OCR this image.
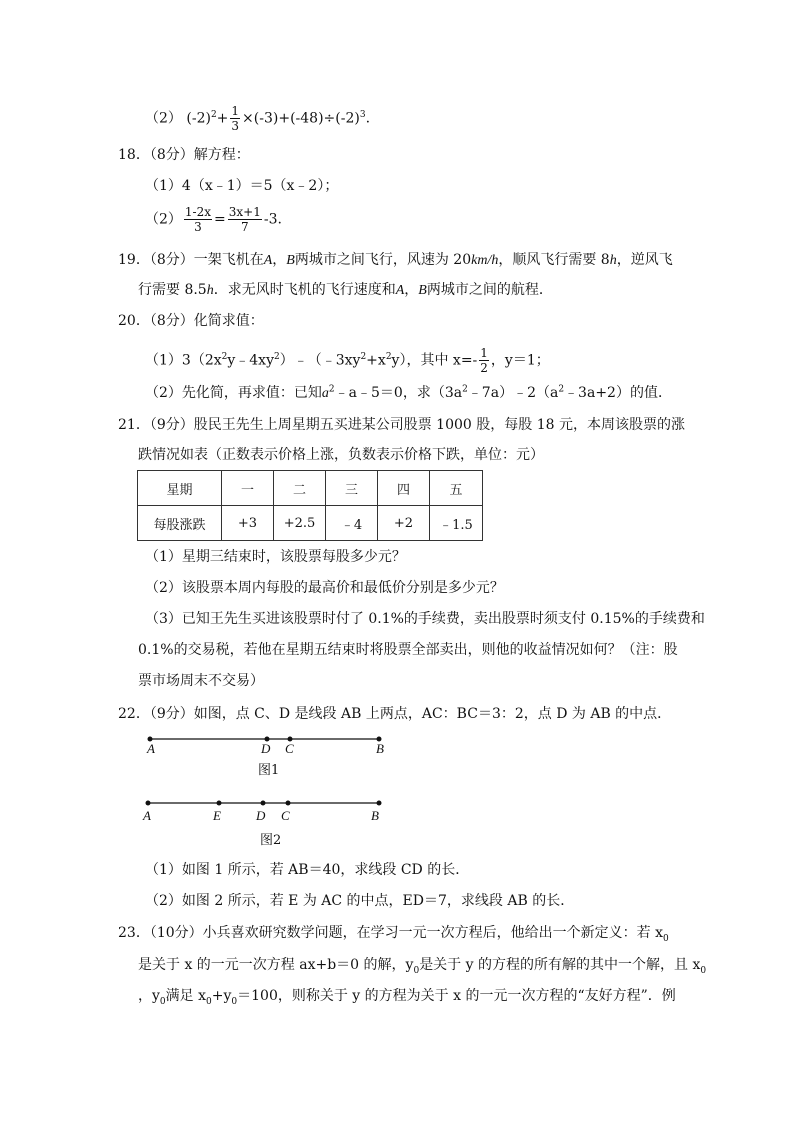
（2） $(-2)^2+ \frac{1}{3} \times(-3)+(-48)\div(-2)^3$.
18．（8分）解方程：
（1）4（x﹣1）＝5（x﹣2）；
$(2) \frac{1-2x}{3} = \frac{3x+1}{7} -3$.
19．（8分）一架飞机在A，B两城市之间飞行，风速为 20km/h，顺风飞行需要 8h，逆风飞
行需要 8.5h．求无风时飞机的飞行速度和A，B两城市之间的航程．
20．（8分）化简求值：
$(1)3(2x^2y﹣4xy^2)﹣(﹣3xy^2+x^2y)$，其中 $x=- \frac{1}{2}$ ，y＝1；
（2）先化简，再求值：已知$a^2﹣a﹣5=0$，求$(3a^2﹣7a)﹣2(a^2﹣3a+2)$的值．
21．（9分）股民王先生上周星期五买进某公司股票 1000 股，每股 18 元，本周该股票的涨
跌情况如表（正数表示价格上涨，负数表示价格下跌，单位：元）
星期	一	二	三	四	五
每股涨跌	+3	+2.5	﹣4	+2	﹣1.5
（1）星期三结束时，该股票每股多少元？
（2）该股票本周内每股的最高价和最低价分别是多少元？
（3）已知王先生买进该股票时付了 0.1%的手续费，卖出股票时须支付 0.15%的手续费和
0.1%的交易税，若他在星期五结束时将股票全部卖出，则他的收益情况如何？（注：股
票市场周末不交易）
22．（9分）如图，点 C、D 是线段 AB 上两点，AC：BC＝3：2，点 D 为 AB 的中点．
A	D C	B
图1
A	E	D C	B
图2
（1）如图 1 所示，若 AB＝40，求线段 CD 的长．
（2）如图 2 所示，若 E 为 AC 的中点，ED＝7，求线段 AB 的长．
23．（10分）小兵喜欢研究数学问题，在学习一元一次方程后，他给出一个新定义：若 $x_0$
是关于 x 的一元一次方程 ax+b＝0 的解，$y_0$是关于 y 的方程的所有解的其中一个解，且 $x_0$
，$y_0$满足 $x_0+y_0=100$，则称关于 y 的方程为关于 x 的一元一次方程的“友好方程”．例
